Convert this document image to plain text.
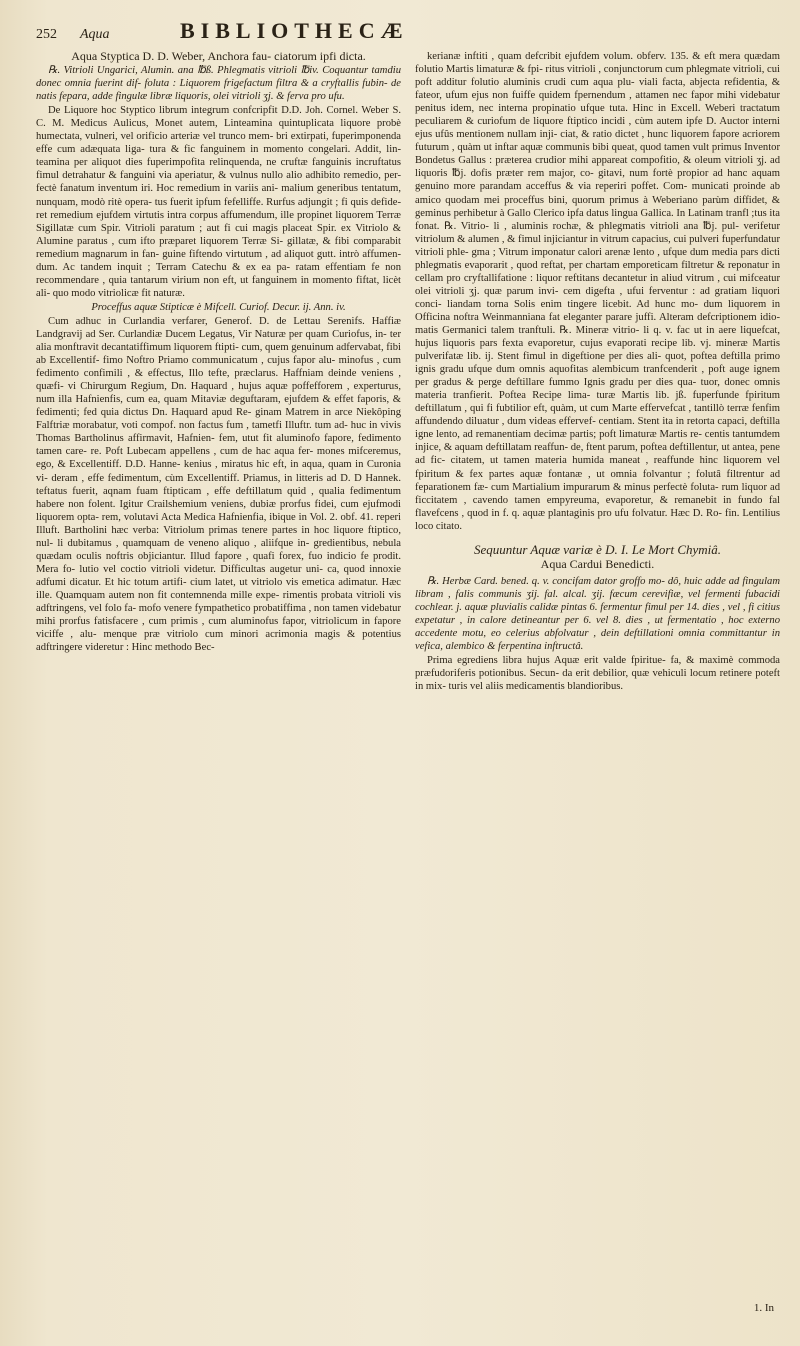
252	Aqua	BIBLIOTHECÆ

Aqua Styptica D. D. Weber, Anchora fau- ciatorum ipfi dicta.

℞. Vitrioli Ungarici, Alumin. ana ℔ß. Phlegmatis vitrioli ℔iv. Coquantur tamdiu donec omnia fuerint dif- foluta : Liquorem frigefactum filtra & a cryftallis fubin- de natis fepara, adde fingulæ libræ liquoris, olei vitrioli ʒj. & ferva pro ufu.

De Liquore hoc Styptico librum integrum confcripfit D.D. Joh. Cornel. Weber S. C. M. Medicus Aulicus, Monet autem, Linteamina quintuplicata liquore probè humectata, vulneri, vel orificio arteriæ vel trunco mem- bri extirpati, fuperimponenda effe cum adæquata liga- tura & fic fanguinem in momento congelari. Addit, lin- teamina per aliquot dies fuperimpofita relinquenda, ne cruftæ fanguinis incruftatus fimul detrahatur & fanguini via aperiatur, & vulnus nullo alio adhibito remedio, per- fectè fanatum inventum iri. Hoc remedium in variis ani- malium generibus tentatum, nunquam, modò ritè opera- tus fuerit ipfum fefelliffe. Rurfus adjungit ; fi quis defide- ret remedium ejufdem virtutis intra corpus affumendum, ille propinet liquorem Terræ Sigillatæ cum Spir. Vitrioli paratum ; aut fi cui magis placeat Spir. ex Vitriolo & Alumine paratus , cum ifto præparet liquorem Terræ Si- gillatæ, & fibi comparabit remedium magnarum in fan- guine fiftendo virtutum , ad aliquot gutt. intrò affumen- dum. Ac tandem inquit ; Terram Catechu & ex ea pa- ratam effentiam fe non recommendare , quia tantarum virium non eft, ut fanguinem in momento fiftat, licèt ali- quo modo vitriolicæ fit naturæ.

Proceffus aquæ Stipticæ è Mifcell. Curiof. Decur. ij. Ann. iv.

Cum adhuc in Curlandia verfarer, Generof. D. de Lettau Serenifs. Haffiæ Landgravij ad Ser. Curlandiæ Ducem Legatus, Vir Naturæ per quam Curiofus, in- ter alia monftravit decantatiffimum liquorem ftipti- cum, quem genuinum adfervabat, fibi ab Excellentif- fimo Noftro Priamo communicatum , cujus fapor alu- minofus , cum fedimento confimili , & effectus, Illo tefte, præclarus. Haffniam deinde veniens , quæfi- vi Chirurgum Regium, Dn. Haquard , hujus aquæ poffefforem , experturus, num illa Hafnienfis, cum ea, quam Mitaviæ deguftaram, ejufdem & effet faporis, & fedimenti; fed quia dictus Dn. Haquard apud Re- ginam Matrem in arce Niekôping Falftriæ morabatur, voti compof. non factus fum , tametfi Illuftr. tum ad- huc in vivis Thomas Bartholinus affirmavit, Hafnien- fem, utut fit aluminofo fapore, fedimento tamen care- re. Poft Lubecam appellens , cum de hac aqua fer- mones mifceremus, ego, & Excellentiff. D.D. Hanne- kenius , miratus hic eft, in aqua, quam in Curonia vi- deram , effe fedimentum, cùm Excellentiff. Priamus, in litteris ad D. D Hannek. teftatus fuerit, aqnam fuam ftipticam , effe deftillatum quid , qualia fedimentum habere non folent. Igitur Crailshemium veniens, dubiæ prorfus fidei, cum ejufmodi liquorem opta- rem, volutavi Acta Medica Hafnienfia, ibique in Vol. 2. obf. 41. reperi Illuft. Bartholini hæc verba: Vitriolum primas tenere partes in hoc liquore ftiptico, nul- li dubitamus , quamquam de veneno aliquo , aliifque in- gredientibus, nebula quædam oculis noftris objiciantur. Illud fapore , quafi forex, fuo indicio fe prodit. Mera fo- lutio vel coctio vitrioli videtur. Difficultas augetur uni- ca, quod innoxie adfumi dicatur. Et hic totum artifi- cium latet, ut vitriolo vis emetica adimatur. Hæc ille. Quamquam autem non fit contemnenda mille expe- rimentis probata vitrioli vis adftringens, vel folo fa- mofo venere fympathetico probatiffima , non tamen videbatur mihi prorfus fatisfacere , cum primis , cum aluminofus fapor, vitriolicum in fapore viciffe , alu- menque præ vitriolo cum minori acrimonia magis & potentius adftringere videretur : Hinc methodo Bec-

kerianæ inftiti , quam defcribit ejufdem volum. obferv. 135. & eft mera quædam folutio Martis limaturæ & fpi- ritus vitrioli , conjunctorum cum phlegmate vitrioli, cui poft additur folutio aluminis crudi cum aqua plu- viali facta, abjecta refidentia, & fateor, ufum ejus non fuiffe quidem fpernendum , attamen nec fapor mihi videbatur penitus idem, nec interna propinatio ufque tuta. Hinc in Excell. Weberi tractatum peculiarem & curiofum de liquore ftiptico incidi , cùm autem ipfe D. Auctor interni ejus ufûs mentionem nullam inji- ciat, & ratio dictet , hunc liquorem fapore acriorem futurum , quàm ut inftar aquæ communis bibi queat, quod tamen vult primus Inventor Bondetus Gallus : præterea crudior mihi appareat compofitio, & oleum vitrioli ʒj. ad liquoris ℔j. dofis præter rem major, co- gitavi, num fortè propior ad hanc aquam genuino more parandam acceffus & via reperiri poffet. Com- municati proinde ab amico quodam mei proceffus bini, quorum primus à Weberiano parùm diffidet, & geminus perhibetur à Gallo Clerico ipfa datus lingua Gallica. In Latinam tranfl ;tus ita fonat. ℞. Vitrio- li , aluminis rochæ, & phlegmatis vitrioli ana ℔j. pul- verifetur vitriolum & alumen , & fimul injiciantur in vitrum capacius, cui pulveri fuperfundatur vitrioli phle- gma ; Vitrum imponatur calori arenæ lento , ufque dum media pars dicti phlegmatis evaporarit , quod reftat, per chartam emporeticam filtretur & reponatur in cellam pro cryftallifatione : liquor reftitans decantetur in aliud vitrum , cui mifceatur olei vitrioli ʒj. quæ parum invi- cem digefta , ufui ferventur : ad gratiam liquori conci- liandam torna Solis enim tingere licebit. Ad hunc mo- dum liquorem in Officina noftra Weinmanniana fat eleganter parare juffi. Alteram defcriptionem idio- matis Germanici talem tranftuli. ℞. Mineræ vitrio- li q. v. fac ut in aere liquefcat, hujus liquoris pars fexta evaporetur, cujus evaporati recipe lib. vj. mineræ Martis pulverifatæ lib. ij. Stent fimul in digeftione per dies ali- quot, poftea deftilla primo ignis gradu ufque dum omnis aquofitas alembicum tranfcenderit , poft auge ignem per gradus & perge deftillare fummo Ignis gradu per dies qua- tuor, donec omnis materia tranfierit. Poftea Recipe lima- turæ Martis lib. jß. fuperfunde fpiritum deftillatum , qui fi fubtilior eft, quàm, ut cum Marte effervefcat , tantillò terræ fenfim affundendo diluatur , dum videas effervef- centiam. Stent ita in retorta capaci, deftilla igne lento, ad remanentiam decimæ partis; poft limaturæ Martis re- centis tantumdem injice, & aquam deftillatam reaffun- de, ftent parum, poftea deftillentur, ut antea, pene ad fic- citatem, ut tamen materia humida maneat , reaffunde hinc liquorem vel fpiritum & fex partes aquæ fontanæ , ut omnia folvantur ; folutâ filtrentur ad feparationem fæ- cum Martialium impurarum & minus perfectè foluta- rum liquor ad ficcitatem , cavendo tamen empyreuma, evaporetur, & remanebit in fundo fal flavefcens , quod in f. q. aquæ plantaginis pro ufu folvatur. Hæc D. Ro- fin. Lentilius loco citato.

Sequuntur Aquæ variæ è D. I. Le Mort Chymiâ.

Aqua Cardui Benedicti.

℞. Herbæ Card. bened. q. v. concifam dator groffo mo- dô, huic adde ad fingulam libram , falis communis ʒij. fal. alcal. ʒij. fæcum cerevifiæ, vel fermenti fubacidi cochlear. j. aquæ pluvialis calidæ pintas 6. fermentur fimul per 14. dies , vel , fi citius expetatur , in calore detineantur per 6. vel 8. dies , ut fermentatio , hoc externo accedente motu, eo celerius abfolvatur , dein deftillationi omnia committantur in vefica, alembico & ferpentina inftructâ.

Prima egrediens libra hujus Aquæ erit valde fpiritue- fa, & maximè commoda præfudoriferis potionibus. Secun- da erit debilior, quæ vehiculi locum retinere poteft in mix- turis vel aliis medicamentis blandioribus.

1. In
